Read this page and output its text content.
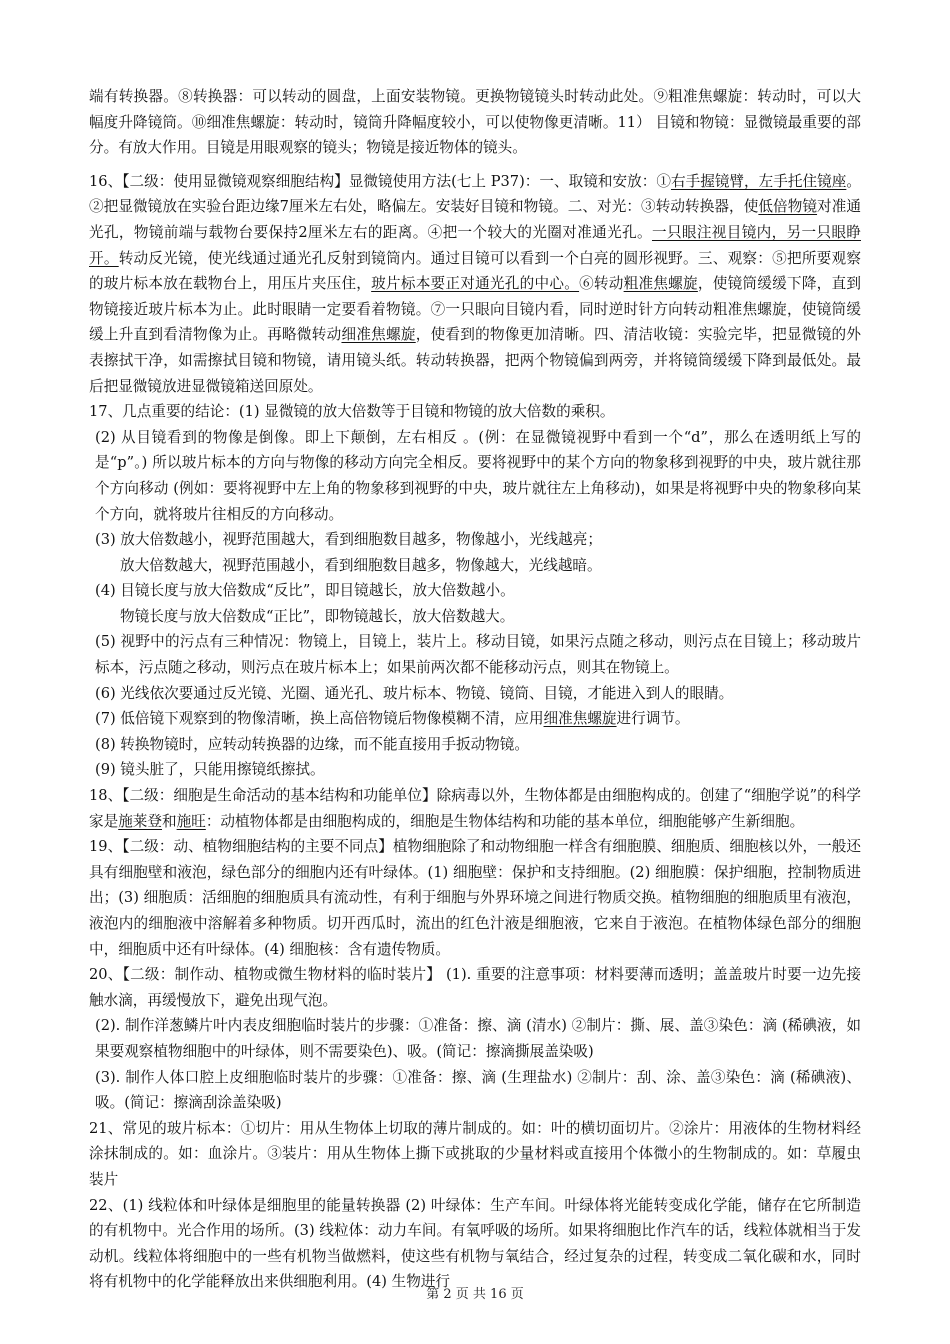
端有转换器。⑧转换器：可以转动的圆盘，上面安装物镜。更换物镜镜头时转动此处。⑨粗准焦螺旋：转动时，可以大幅度升降镜筒。⑩细准焦螺旋：转动时，镜筒升降幅度较小，可以使物像更清晰。11） 目镜和物镜：显微镜最重要的部分。有放大作用。目镜是用眼观察的镜头；物镜是接近物体的镜头。

16、【二级：使用显微镜观察细胞结构】显微镜使用方法(七上 P37)：一、取镜和安放：①右手握镜臂，左手托住镜座。②把显微镜放在实验台距边缘7厘米左右处，略偏左。安装好目镜和物镜。二、对光：③转动转换器，使低倍物镜对准通光孔，物镜前端与载物台要保持2厘米左右的距离。④把一个较大的光圈对准通光孔。一只眼注视目镜内，另一只眼睁开。转动反光镜，使光线通过通光孔反射到镜筒内。通过目镜可以看到一个白亮的圆形视野。三、观察：⑤把所要观察的玻片标本放在载物台上，用压片夹压住，玻片标本要正对通光孔的中心。⑥转动粗准焦螺旋，使镜筒缓缓下降，直到物镜接近玻片标本为止。此时眼睛一定要看着物镜。⑦一只眼向目镜内看，同时逆时针方向转动粗准焦螺旋，使镜筒缓缓上升直到看清物像为止。再略微转动细准焦螺旋，使看到的物像更加清晰。四、清洁收镜：实验完毕，把显微镜的外表擦拭干净，如需擦拭目镜和物镜，请用镜头纸。转动转换器，把两个物镜偏到两旁，并将镜筒缓缓下降到最低处。最后把显微镜放进显微镜箱送回原处。

17、几点重要的结论：(1) 显微镜的放大倍数等于目镜和物镜的放大倍数的乘积。

(2) 从目镜看到的物像是倒像。即上下颠倒，左右相反 。(例：在显微镜视野中看到一个“d”，那么在透明纸上写的是“p”。) 所以玻片标本的方向与物像的移动方向完全相反。要将视野中的某个方向的物象移到视野的中央，玻片就往那个方向移动 (例如：要将视野中左上角的物象移到视野的中央，玻片就往左上角移动)，如果是将视野中央的物象移向某个方向，就将玻片往相反的方向移动。

(3) 放大倍数越小，视野范围越大，看到细胞数目越多，物像越小，光线越亮；

放大倍数越大，视野范围越小，看到细胞数目越多，物像越大，光线越暗。

(4) 目镜长度与放大倍数成“反比”，即目镜越长，放大倍数越小。

物镜长度与放大倍数成“正比”，即物镜越长，放大倍数越大。

(5) 视野中的污点有三种情况：物镜上，目镜上，装片上。移动目镜，如果污点随之移动，则污点在目镜上；移动玻片标本，污点随之移动，则污点在玻片标本上；如果前两次都不能移动污点，则其在物镜上。

(6) 光线依次要通过反光镜、光圈、通光孔、玻片标本、物镜、镜筒、目镜，才能进入到人的眼睛。

(7) 低倍镜下观察到的物像清晰，换上高倍物镜后物像模糊不清，应用细准焦螺旋进行调节。

(8) 转换物镜时，应转动转换器的边缘，而不能直接用手扳动物镜。

(9) 镜头脏了，只能用擦镜纸擦拭。

18、【二级：细胞是生命活动的基本结构和功能单位】除病毒以外，生物体都是由细胞构成的。创建了“细胞学说”的科学家是施莱登和施旺：动植物体都是由细胞构成的，细胞是生物体结构和功能的基本单位，细胞能够产生新细胞。

19、【二级：动、植物细胞结构的主要不同点】植物细胞除了和动物细胞一样含有细胞膜、细胞质、细胞核以外，一般还具有细胞壁和液泡，绿色部分的细胞内还有叶绿体。(1) 细胞壁：保护和支持细胞。(2) 细胞膜：保护细胞，控制物质进出；(3) 细胞质：活细胞的细胞质具有流动性，有利于细胞与外界环境之间进行物质交换。植物细胞的细胞质里有液泡，液泡内的细胞液中溶解着多种物质。切开西瓜时，流出的红色汁液是细胞液，它来自于液泡。在植物体绿色部分的细胞中，细胞质中还有叶绿体。(4) 细胞核：含有遗传物质。

20、【二级：制作动、植物或微生物材料的临时装片】 (1). 重要的注意事项：材料要薄而透明；盖盖玻片时要一边先接触水滴，再缓慢放下，避免出现气泡。

(2). 制作洋葱鳞片叶内表皮细胞临时装片的步骤：①准备：擦、滴 (清水) ②制片：撕、展、盖③染色：滴 (稀碘液，如果要观察植物细胞中的叶绿体，则不需要染色)、吸。(简记：擦滴撕展盖染吸)

(3). 制作人体口腔上皮细胞临时装片的步骤：①准备：擦、滴 (生理盐水) ②制片：刮、涂、盖③染色：滴 (稀碘液)、吸。(简记：擦滴刮涂盖染吸)

21、常见的玻片标本：①切片：用从生物体上切取的薄片制成的。如：叶的横切面切片。②涂片：用液体的生物材料经涂抹制成的。如：血涂片。③装片：用从生物体上撕下或挑取的少量材料或直接用个体微小的生物制成的。如：草履虫装片

22、(1) 线粒体和叶绿体是细胞里的能量转换器 (2) 叶绿体：生产车间。叶绿体将光能转变成化学能，储存在它所制造的有机物中。光合作用的场所。(3) 线粒体：动力车间。有氧呼吸的场所。如果将细胞比作汽车的话，线粒体就相当于发动机。线粒体将细胞中的一些有机物当做燃料，使这些有机物与氧结合，经过复杂的过程，转变成二氧化碳和水，同时将有机物中的化学能释放出来供细胞利用。(4) 生物进行

第 2 页 共 16 页
